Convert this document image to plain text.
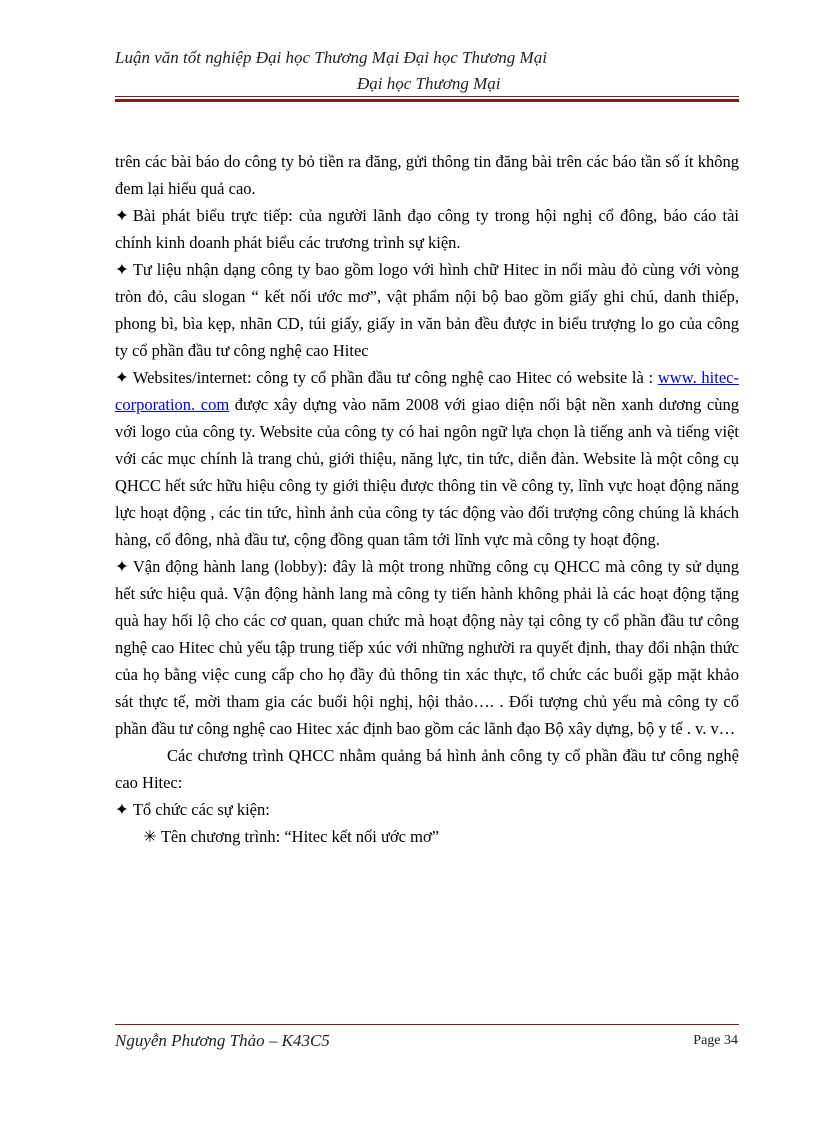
Luận văn tốt nghiệp Đại học Thương Mại Đại học Thương Mại
Đại học Thương Mại

trên các bài báo do công ty bỏ tiền ra đăng, gửi thông tin đăng bài trên các báo tần số ít không đem lại hiểu quả cao.

✦ Bài phát biểu trực tiếp: của người lãnh đạo công ty trong hội nghị cổ đông, báo cáo tài chính kinh doanh phát biểu các trương trình sự kiện.

✦ Tư liệu nhận dạng công ty bao gồm logo với hình chữ Hitec in nổi màu đỏ cùng với vòng tròn đỏ, câu slogan “ kết nối ước mơ”, vật phẩm nội bộ bao gồm giấy ghi chú, danh thiếp, phong bì, bìa kẹp, nhãn CD, túi giấy, giấy in văn bản đều được in biểu trượng lo go của công ty cổ phần đầu tư công nghệ cao Hitec

✦ Websites/internet: công ty cổ phần đầu tư công nghệ cao Hitec có website là : www. hitec-corporation. com được xây dựng vào năm 2008 với giao diện nổi bật nền xanh dương cùng với logo của công ty. Website của công ty có hai ngôn ngữ lựa chọn là tiếng anh và tiếng việt với các mục chính là trang chủ, giới thiệu, năng lực, tin tức, diễn đàn. Website là một công cụ QHCC hết sức hữu hiệu công ty giới thiệu được thông tin về công ty, lĩnh vực hoạt động năng lực hoạt động , các tin tức, hình ảnh của công ty tác động vào đối trượng công chúng là khách hàng, cổ đông, nhà đầu tư, cộng đồng quan tâm tới lĩnh vực mà công ty hoạt động.

✦ Vận động hành lang (lobby): đây là một trong những công cụ QHCC mà công ty sử dụng hết sức hiệu quả. Vận động hành lang mà công ty tiến hành không phải là các hoạt động tặng quà hay hối lộ cho các cơ quan, quan chức mà hoạt động này tại công ty cổ phần đầu tư công nghệ cao Hitec chủ yếu tập trung tiếp xúc với những nghười ra quyết định, thay đổi nhận thức của họ bằng việc cung cấp cho họ đầy đủ thông tin xác thực, tổ chức các buổi gặp mặt khảo sát thực tế, mời tham gia các buổi hội nghị, hội thảo…. . Đối tượng chủ yếu mà công ty cổ phần đầu tư công nghệ cao Hitec xác định bao gồm các lãnh đạo Bộ xây dựng, bộ y tế . v. v…

Các chương trình QHCC nhằm quảng bá hình ảnh công ty cổ phần đầu tư công nghệ cao Hitec:

✦ Tổ chức các sự kiện:

✳ Tên chương trình: “Hitec kết nối ước mơ”

Nguyễn Phương Thảo – K43C5	Page 34
